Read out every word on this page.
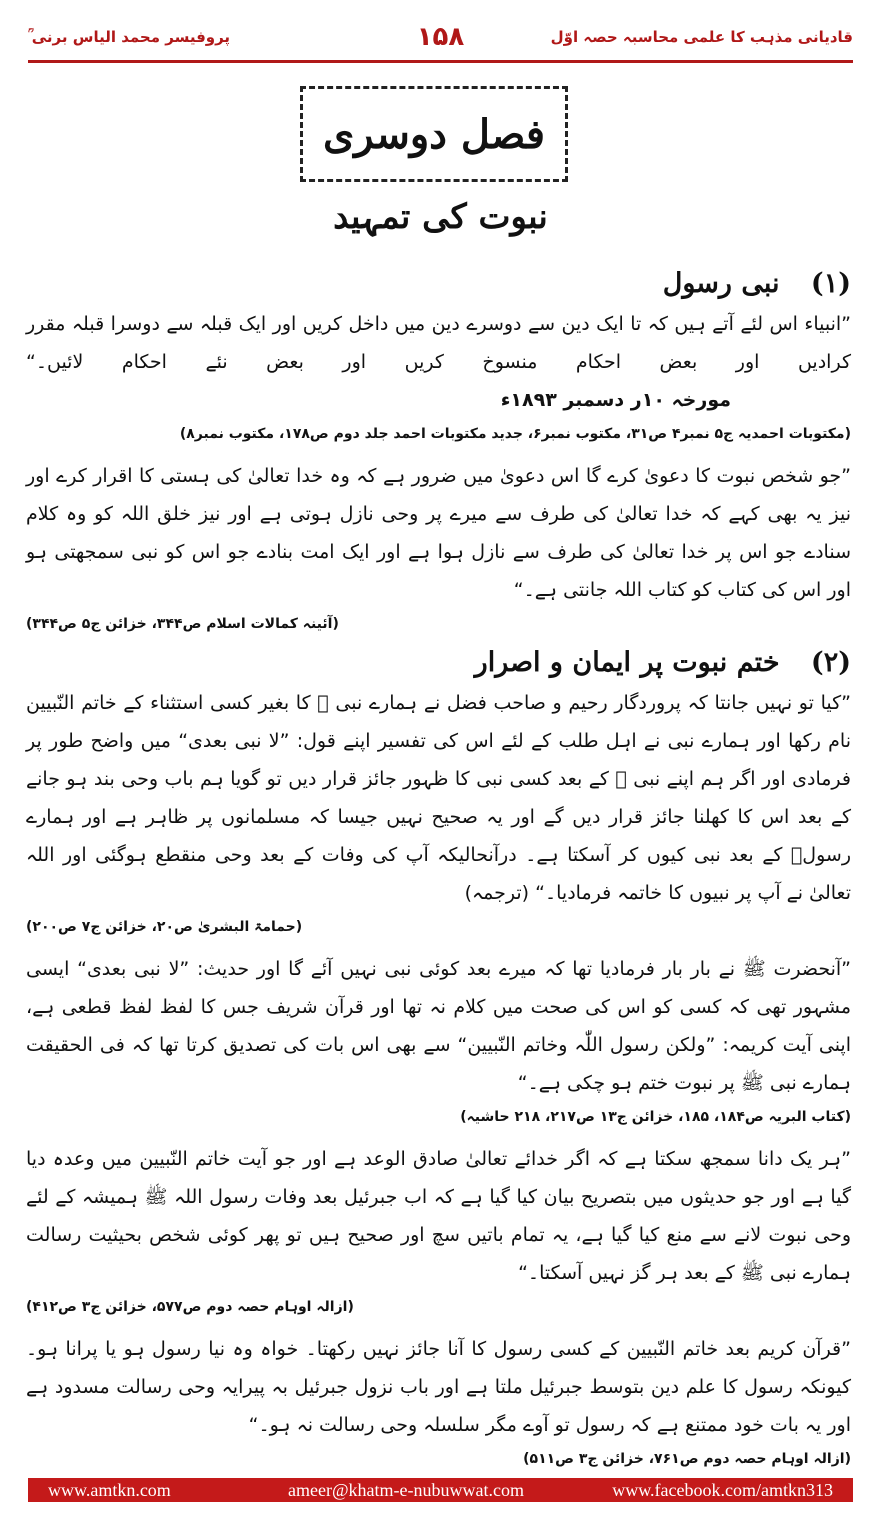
قادیانی مذہب کا علمی محاسبہ حصہ اوّل
۱۵۸
پروفیسر محمد الیاس برنی ؒ
فصل دوسری
نبوت کی تمہید
(۱) نبی رسول

”انبیاء اس لئے آتے ہیں کہ تا ایک دین سے دوسرے دین میں داخل کریں اور ایک قبلہ سے دوسرا قبلہ مقرر کرادیں اور بعض احکام منسوخ کریں اور بعض نئے احکام لائیں۔“ مورخہ ۱۰ر دسمبر ۱۸۹۳ء

(مکتوبات احمدیہ ج۵ نمبر۴ ص۳۱، مکتوب نمبر۶، جدید مکتوبات احمد جلد دوم ص۱۷۸، مکتوب نمبر۸)

”جو شخص نبوت کا دعویٰ کرے گا اس دعویٰ میں ضرور ہے کہ وہ خدا تعالیٰ کی ہستی کا اقرار کرے اور نیز یہ بھی کہے کہ خدا تعالیٰ کی طرف سے میرے پر وحی نازل ہوتی ہے اور نیز خلق اللہ کو وہ کلام سنادے جو اس پر خدا تعالیٰ کی طرف سے نازل ہوا ہے اور ایک امت بنادے جو اس کو نبی سمجھتی ہو اور اس کی کتاب کو کتاب اللہ جانتی ہے۔“

(آئینہ کمالات اسلام ص۳۴۴، خزائن ج۵ ص۳۴۴)
(۲) ختم نبوت پر ایمان و اصرار

”کیا تو نہیں جانتا کہ پروردگار رحیم و صاحب فضل نے ہمارے نبی ﷺ کا بغیر کسی استثناء کے خاتم النّبیین نام رکھا اور ہمارے نبی نے اہل طلب کے لئے اس کی تفسیر اپنے قول: ”لا نبی بعدی“ میں واضح طور پر فرمادی اور اگر ہم اپنے نبی ﷺ کے بعد کسی نبی کا ظہور جائز قرار دیں تو گویا ہم باب وحی بند ہو جانے کے بعد اس کا کھلنا جائز قرار دیں گے اور یہ صحیح نہیں جیسا کہ مسلمانوں پر ظاہر ہے اور ہمارے رسولؐ کے بعد نبی کیوں کر آسکتا ہے۔ درآنحالیکہ آپ کی وفات کے بعد وحی منقطع ہوگئی اور اللہ تعالیٰ نے آپ پر نبیوں کا خاتمہ فرمادیا۔“ (ترجمہ)

(حمامۃ البشریٰ ص۲۰، خزائن ج۷ ص۲۰۰)

”آنحضرت ﷺ نے بار بار فرمادیا تھا کہ میرے بعد کوئی نبی نہیں آئے گا اور حدیث: ”لا نبی بعدی“ ایسی مشہور تھی کہ کسی کو اس کی صحت میں کلام نہ تھا اور قرآن شریف جس کا لفظ لفظ قطعی ہے، اپنی آیت کریمہ: ”ولکن رسول اللّٰہ وخاتم النّبیین“ سے بھی اس بات کی تصدیق کرتا تھا کہ فی الحقیقت ہمارے نبی ﷺ پر نبوت ختم ہو چکی ہے۔“

(کتاب البریہ ص۱۸۴، ۱۸۵، خزائن ج۱۳ ص۲۱۷، ۲۱۸ حاشیہ)

”ہر یک دانا سمجھ سکتا ہے کہ اگر خدائے تعالیٰ صادق الوعد ہے اور جو آیت خاتم النّبیین میں وعدہ دیا گیا ہے اور جو حدیثوں میں بتصریح بیان کیا گیا ہے کہ اب جبرئیل بعد وفات رسول اللہ ﷺ ہمیشہ کے لئے وحی نبوت لانے سے منع کیا گیا ہے، یہ تمام باتیں سچ اور صحیح ہیں تو پھر کوئی شخص بحیثیت رسالت ہمارے نبی ﷺ کے بعد ہر گز نہیں آسکتا۔“

(ازالہ اوہام حصہ دوم ص۵۷۷، خزائن ج۳ ص۴۱۲)

”قرآن کریم بعد خاتم النّبیین کے کسی رسول کا آنا جائز نہیں رکھتا۔ خواہ وہ نیا رسول ہو یا پرانا ہو۔ کیونکہ رسول کا علم دین بتوسط جبرئیل ملتا ہے اور باب نزول جبرئیل بہ پیرایہ وحی رسالت مسدود ہے اور یہ بات خود ممتنع ہے کہ رسول تو آوے مگر سلسلہ وحی رسالت نہ ہو۔“

(ازالہ اوہام حصہ دوم ص۷۶۱، خزائن ج۳ ص۵۱۱)
www.amtkn.com	ameer@khatm-e-nubuwwat.com	www.facebook.com/amtkn313
